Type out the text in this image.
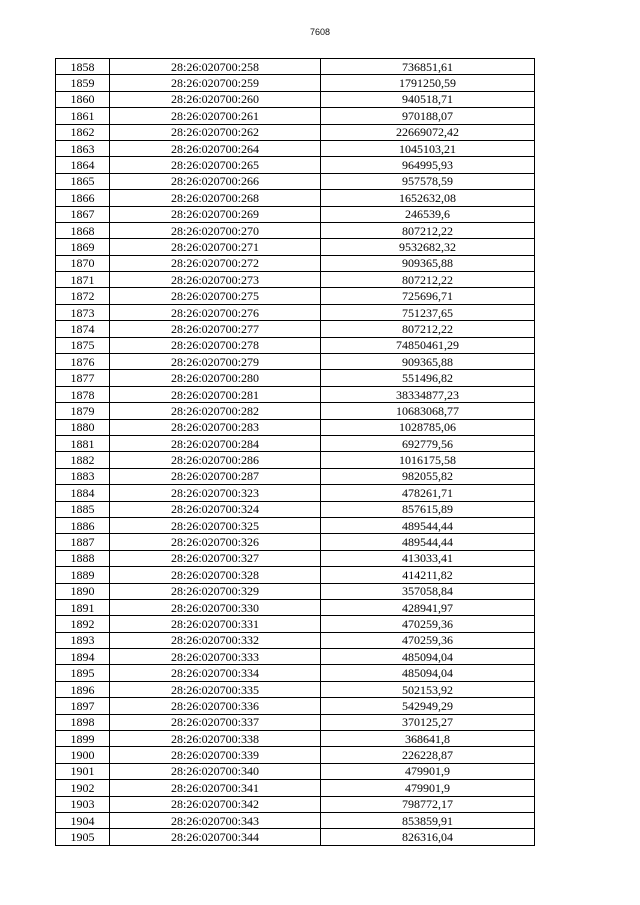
7608
1858	28:26:020700:258	736851,61
1859	28:26:020700:259	1791250,59
1860	28:26:020700:260	940518,71
1861	28:26:020700:261	970188,07
1862	28:26:020700:262	22669072,42
1863	28:26:020700:264	1045103,21
1864	28:26:020700:265	964995,93
1865	28:26:020700:266	957578,59
1866	28:26:020700:268	1652632,08
1867	28:26:020700:269	246539,6
1868	28:26:020700:270	807212,22
1869	28:26:020700:271	9532682,32
1870	28:26:020700:272	909365,88
1871	28:26:020700:273	807212,22
1872	28:26:020700:275	725696,71
1873	28:26:020700:276	751237,65
1874	28:26:020700:277	807212,22
1875	28:26:020700:278	74850461,29
1876	28:26:020700:279	909365,88
1877	28:26:020700:280	551496,82
1878	28:26:020700:281	38334877,23
1879	28:26:020700:282	10683068,77
1880	28:26:020700:283	1028785,06
1881	28:26:020700:284	692779,56
1882	28:26:020700:286	1016175,58
1883	28:26:020700:287	982055,82
1884	28:26:020700:323	478261,71
1885	28:26:020700:324	857615,89
1886	28:26:020700:325	489544,44
1887	28:26:020700:326	489544,44
1888	28:26:020700:327	413033,41
1889	28:26:020700:328	414211,82
1890	28:26:020700:329	357058,84
1891	28:26:020700:330	428941,97
1892	28:26:020700:331	470259,36
1893	28:26:020700:332	470259,36
1894	28:26:020700:333	485094,04
1895	28:26:020700:334	485094,04
1896	28:26:020700:335	502153,92
1897	28:26:020700:336	542949,29
1898	28:26:020700:337	370125,27
1899	28:26:020700:338	368641,8
1900	28:26:020700:339	226228,87
1901	28:26:020700:340	479901,9
1902	28:26:020700:341	479901,9
1903	28:26:020700:342	798772,17
1904	28:26:020700:343	853859,91
1905	28:26:020700:344	826316,04
